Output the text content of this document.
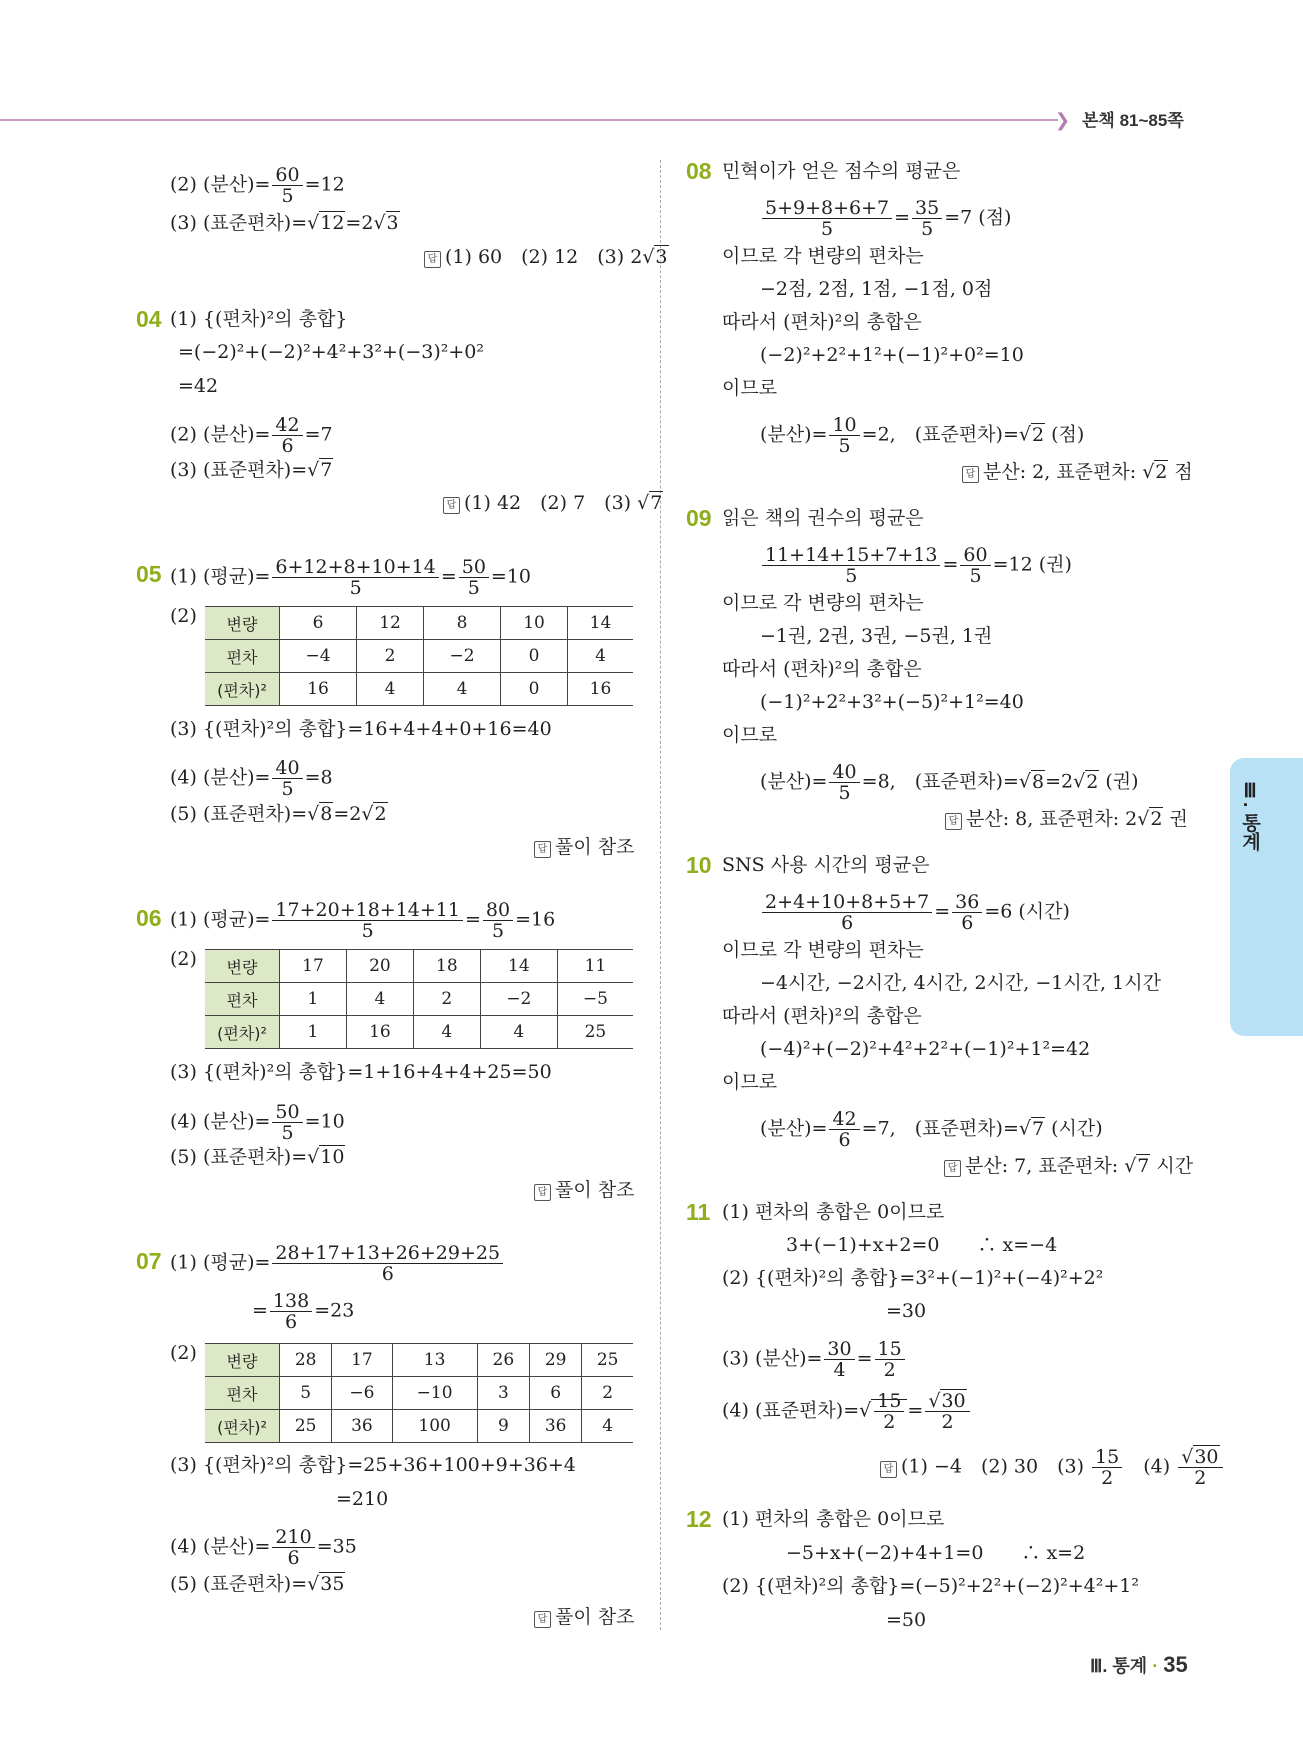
❯ 본책 81~85쪽
Ⅲ. 통계
(2) (분산)= $\frac{60}{5} =12$
(3) (표준편차)=√12=2√3
답 (1) 60　(2) 12　(3) 2√3
04 (1) {(편차)²의 총합}
=(−2)²+(−2)²+4²+3²+(−3)²+0²
=42
(2) (분산)= $\frac{42}{6} =7$
(3) (표준편차)=√7
답 (1) 42　(2) 7　(3) √7
05 (1) (평균)= $\frac{6+12+8+10+14}{5} = \frac{50}{5} =10$
(2) 변량	6	12	8	10	14
편차	−4	2	−2	0	4
(편차)²	16	4	4	0	16
(3) {(편차)²의 총합}=16+4+4+0+16=40
(4) (분산)= $\frac{40}{5} =8$
(5) (표준편차)=√8=2√2
답 풀이 참조
06 (1) (평균)= $\frac{17+20+18+14+11}{5} = \frac{80}{5} =16$
(2) 변량	17	20	18	14	11
편차	1	4	2	−2	−5
(편차)²	1	16	4	4	25
(3) {(편차)²의 총합}=1+16+4+4+25=50
(4) (분산)= $\frac{50}{5} =10$
(5) (표준편차)=√10
답 풀이 참조
07 (1) (평균)= $\frac{28+17+13+26+29+25}{6}$
= $\frac{138}{6} =23$
(2) 변량	28	17	13	26	29	25
편차	5	−6	−10	3	6	2
(편차)²	25	36	100	9	36	4
(3) {(편차)²의 총합}=25+36+100+9+36+4
=210
(4) (분산)= $\frac{210}{6} =35$
(5) (표준편차)=√35
답 풀이 참조
08 민혁이가 얻은 점수의 평균은
$\frac{5+9+8+6+7}{5} = \frac{35}{5} =7$ (점)
이므로 각 변량의 편차는
−2점, 2점, 1점, −1점, 0점
따라서 (편차)²의 총합은
(−2)²+2²+1²+(−1)²+0²=10
이므로
(분산)= $\frac{10}{5} =2$,　(표준편차)=√2 (점)
답 분산: 2, 표준편차: √2 점
09 읽은 책의 권수의 평균은
$\frac{11+14+15+7+13}{5} = \frac{60}{5} =12$ (권)
이므로 각 변량의 편차는
−1권, 2권, 3권, −5권, 1권
따라서 (편차)²의 총합은
(−1)²+2²+3²+(−5)²+1²=40
이므로
(분산)= $\frac{40}{5} =8$,　(표준편차)=√8=2√2 (권)
답 분산: 8, 표준편차: 2√2 권
10 SNS 사용 시간의 평균은
$\frac{2+4+10+8+5+7}{6} = \frac{36}{6} =6$ (시간)
이므로 각 변량의 편차는
−4시간, −2시간, 4시간, 2시간, −1시간, 1시간
따라서 (편차)²의 총합은
(−4)²+(−2)²+4²+2²+(−1)²+1²=42
이므로
(분산)= $\frac{42}{6} =7$,　(표준편차)=√7 (시간)
답 분산: 7, 표준편차: √7 시간
11 (1) 편차의 총합은 0이므로
3+(−1)+x+2=0　　∴ x=−4
(2) {(편차)²의 총합}=3²+(−1)²+(−4)²+2²
=30
(3) (분산)= $\frac{30}{4} = \frac{15}{2}$
(4) (표준편차)=√ $\frac{15}{2} = \frac{√30}{2}$
답 (1) −4　(2) 30　$(3) \frac{15}{2}$ 　$(4) \frac{√30}{2}$
12 (1) 편차의 총합은 0이므로
−5+x+(−2)+4+1=0　　∴ x=2
(2) {(편차)²의 총합}=(−5)²+2²+(−2)²+4²+1²
=50
Ⅲ. 통계 · 35
